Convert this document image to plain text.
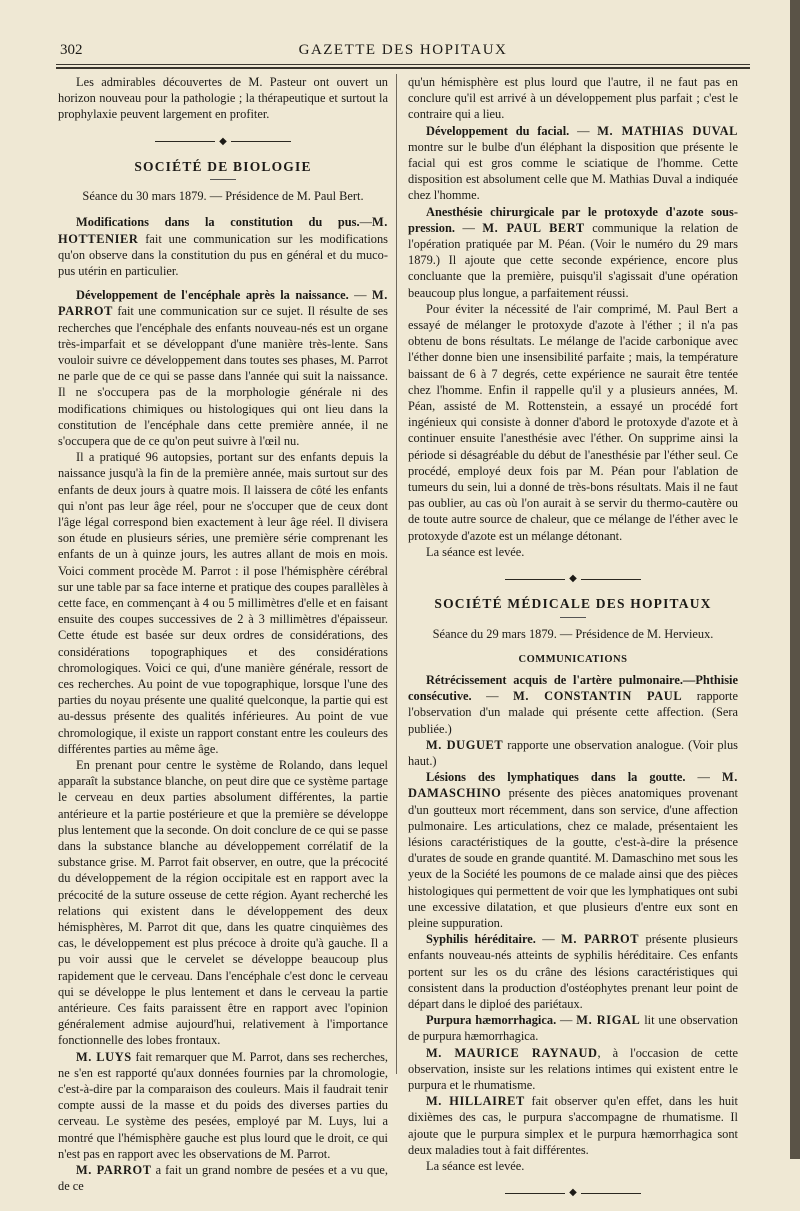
302	GAZETTE DES HOPITAUX

Les admirables découvertes de M. Pasteur ont ouvert un horizon nouveau pour la pathologie ; la thérapeutique et surtout la prophylaxie peuvent largement en profiter.

◆
SOCIÉTÉ DE BIOLOGIE

Séance du 30 mars 1879. — Présidence de M. Paul Bert.

Modifications dans la constitution du pus.—M. HOTTENIER fait une communication sur les modifications qu'on observe dans la constitution du pus en général et du muco-pus utérin en particulier.

Développement de l'encéphale après la naissance. — M. PARROT fait une communication sur ce sujet. Il résulte de ses recherches que l'encéphale des enfants nouveau-nés est un organe très-imparfait et se développant d'une manière très-lente. Sans vouloir suivre ce développement dans toutes ses phases, M. Parrot ne parle que de ce qui se passe dans l'année qui suit la naissance. Il ne s'occupera pas de la morphologie générale ni des modifications chimiques ou histologiques qui ont lieu dans la constitution de l'encéphale dans cette première année, il ne s'occupera que de ce qu'on peut suivre à l'œil nu.

Il a pratiqué 96 autopsies, portant sur des enfants depuis la naissance jusqu'à la fin de la première année, mais surtout sur des enfants de deux jours à quatre mois. Il laissera de côté les enfants qui n'ont pas leur âge réel, pour ne s'occuper que de ceux dont l'âge légal correspond bien exactement à leur âge réel. Il divisera son étude en plusieurs séries, une première série comprenant les enfants de un à quinze jours, les autres allant de mois en mois. Voici comment procède M. Parrot : il pose l'hémisphère cérébral sur une table par sa face interne et pratique des coupes parallèles à cette face, en commençant à 4 ou 5 millimètres d'elle et en faisant ensuite des coupes successives de 2 à 3 millimètres d'épaisseur. Cette étude est basée sur deux ordres de considérations, des considérations topographiques et des considérations chromologiques. Voici ce qui, d'une manière générale, ressort de ces recherches. Au point de vue topographique, lorsque l'une des parties du noyau présente une qualité quelconque, la partie qui est au-dessus présente des qualités inférieures. Au point de vue chromologique, il existe un rapport constant entre les couleurs des différentes parties au même âge.

En prenant pour centre le système de Rolando, dans lequel apparaît la substance blanche, on peut dire que ce système partage le cerveau en deux parties absolument différentes, la partie antérieure et la partie postérieure et que la première se développe plus lentement que la seconde. On doit conclure de ce qui se passe dans la substance blanche au développement corrélatif de la substance grise. M. Parrot fait observer, en outre, que la précocité du développement de la région occipitale est en rapport avec la précocité de la suture osseuse de cette région. Ayant recherché les relations qui existent dans le développement des deux hémisphères, M. Parrot dit que, dans les quatre cinquièmes des cas, le développement est plus précoce à droite qu'à gauche. Il a pu voir aussi que le cervelet se développe beaucoup plus rapidement que le cerveau. Dans l'encéphale c'est donc le cerveau qui se développe le plus lentement et dans le cerveau la partie antérieure. Ces faits paraissent être en rapport avec l'opinion généralement admise aujourd'hui, relativement à l'importance fonctionnelle des lobes frontaux.

M. LUYS fait remarquer que M. Parrot, dans ses recherches, ne s'en est rapporté qu'aux données fournies par la chromologie, c'est-à-dire par la comparaison des couleurs. Mais il faudrait tenir compte aussi de la masse et du poids des diverses parties du cerveau. Le système des pesées, employé par M. Luys, lui a montré que l'hémisphère gauche est plus lourd que le droit, ce qui n'est pas en rapport avec les observations de M. Parrot.

M. PARROT a fait un grand nombre de pesées et a vu que, de ce

qu'un hémisphère est plus lourd que l'autre, il ne faut pas en conclure qu'il est arrivé à un développement plus parfait ; c'est le contraire qui a lieu.

Développement du facial. — M. MATHIAS DUVAL montre sur le bulbe d'un éléphant la disposition que présente le facial qui est gros comme le sciatique de l'homme. Cette disposition est absolument celle que M. Mathias Duval a indiquée chez l'homme.

Anesthésie chirurgicale par le protoxyde d'azote sous-pression. — M. PAUL BERT communique la relation de l'opération pratiquée par M. Péan. (Voir le numéro du 29 mars 1879.) Il ajoute que cette seconde expérience, encore plus concluante que la première, puisqu'il s'agissait d'une opération beaucoup plus longue, a parfaitement réussi.

Pour éviter la nécessité de l'air comprimé, M. Paul Bert a essayé de mélanger le protoxyde d'azote à l'éther ; il n'a pas obtenu de bons résultats. Le mélange de l'acide carbonique avec l'éther donne bien une insensibilité parfaite ; mais, la température baissant de 6 à 7 degrés, cette expérience ne saurait être tentée chez l'homme. Enfin il rappelle qu'il y a plusieurs années, M. Péan, assisté de M. Rottenstein, a essayé un procédé fort ingénieux qui consiste à donner d'abord le protoxyde d'azote et à continuer ensuite l'anesthésie avec l'éther. On supprime ainsi la période si désagréable du début de l'anesthésie par l'éther seul. Ce procédé, employé deux fois par M. Péan pour l'ablation de tumeurs du sein, lui a donné de très-bons résultats. Mais il ne faut pas oublier, au cas où l'on aurait à se servir du thermo-cautère ou de toute autre source de chaleur, que ce mélange de l'éther avec le protoxyde d'azote est un mélange détonant.

La séance est levée.

◆
SOCIÉTÉ MÉDICALE DES HOPITAUX

Séance du 29 mars 1879. — Présidence de M. Hervieux.

COMMUNICATIONS

Rétrécissement acquis de l'artère pulmonaire.—Phthisie consécutive. — M. CONSTANTIN PAUL rapporte l'observation d'un malade qui présente cette affection. (Sera publiée.)

M. DUGUET rapporte une observation analogue. (Voir plus haut.)

Lésions des lymphatiques dans la goutte. — M. DAMASCHINO présente des pièces anatomiques provenant d'un goutteux mort récemment, dans son service, d'une affection pulmonaire. Les articulations, chez ce malade, présentaient les lésions caractéristiques de la goutte, c'est-à-dire la présence d'urates de soude en grande quantité. M. Damaschino met sous les yeux de la Société les poumons de ce malade ainsi que des pièces histologiques qui permettent de voir que les lymphatiques ont subi une excessive dilatation, et que plusieurs d'entre eux sont en pleine suppuration.

Syphilis héréditaire. — M. PARROT présente plusieurs enfants nouveau-nés atteints de syphilis héréditaire. Ces enfants portent sur les os du crâne des lésions caractéristiques qui consistent dans la production d'ostéophytes prenant leur point de départ dans le diploé des pariétaux.

Purpura hæmorrhagica. — M. RIGAL lit une observation de purpura hæmorrhagica.

M. MAURICE RAYNAUD, à l'occasion de cette observation, insiste sur les relations intimes qui existent entre le purpura et le rhumatisme.

M. HILLAIRET fait observer qu'en effet, dans les huit dixièmes des cas, le purpura s'accompagne de rhumatisme. Il ajoute que le purpura simplex et le purpura hæmorrhagica sont deux maladies tout à fait différentes.

La séance est levée.

◆
